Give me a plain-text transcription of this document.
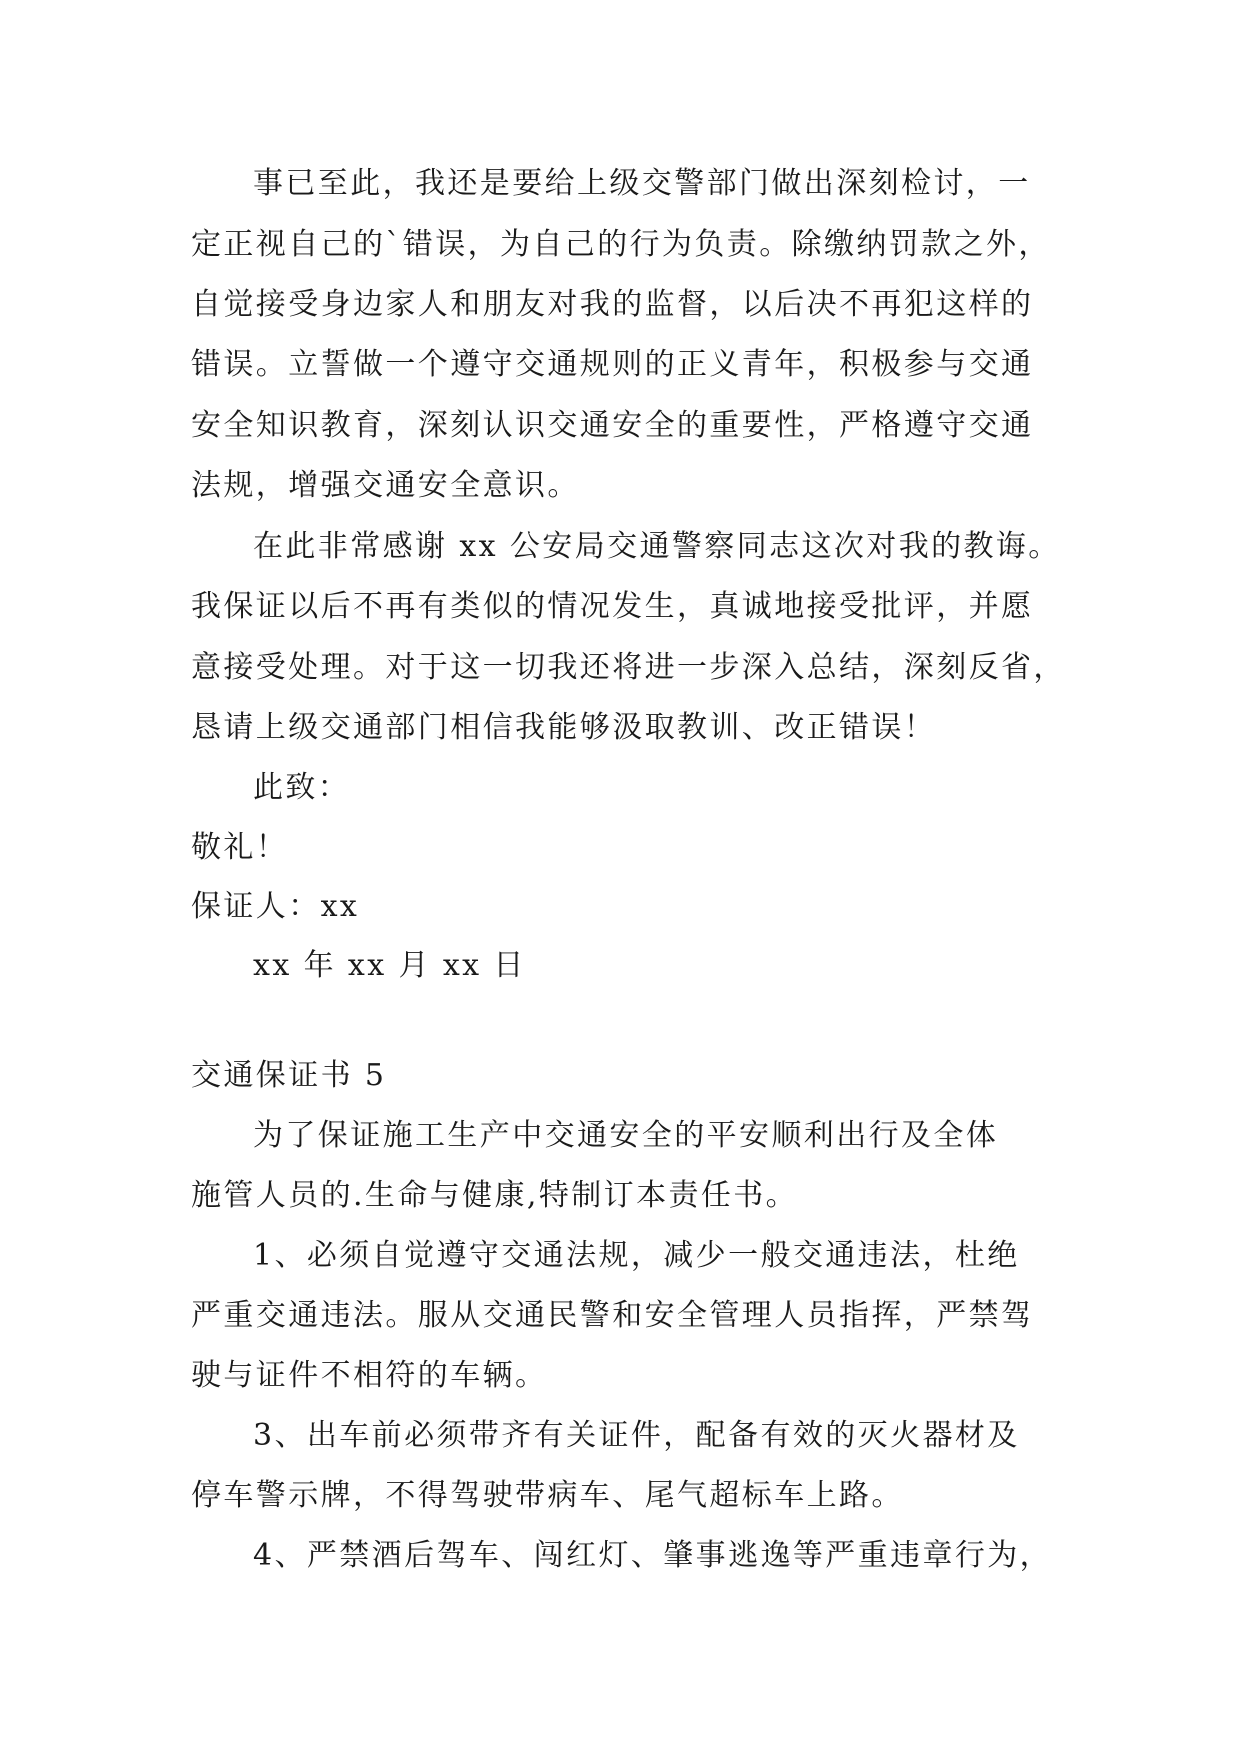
事已至此，我还是要给上级交警部门做出深刻检讨，一
定正视自己的`错误，为自己的行为负责。除缴纳罚款之外，
自觉接受身边家人和朋友对我的监督，以后决不再犯这样的
错误。立誓做一个遵守交通规则的正义青年，积极参与交通
安全知识教育，深刻认识交通安全的重要性，严格遵守交通
法规，增强交通安全意识。
在此非常感谢 xx 公安局交通警察同志这次对我的教诲。
我保证以后不再有类似的情况发生，真诚地接受批评，并愿
意接受处理。对于这一切我还将进一步深入总结，深刻反省，
恳请上级交通部门相信我能够汲取教训、改正错误！
此致：
敬礼！
保证人：xx
xx 年 xx 月 xx 日
交通保证书 5
为了保证施工生产中交通安全的平安顺利出行及全体
施管人员的.生命与健康,特制订本责任书。
1、必须自觉遵守交通法规，减少一般交通违法，杜绝
严重交通违法。服从交通民警和安全管理人员指挥，严禁驾
驶与证件不相符的车辆。
3、出车前必须带齐有关证件，配备有效的灭火器材及
停车警示牌，不得驾驶带病车、尾气超标车上路。
4、严禁酒后驾车、闯红灯、肇事逃逸等严重违章行为，
